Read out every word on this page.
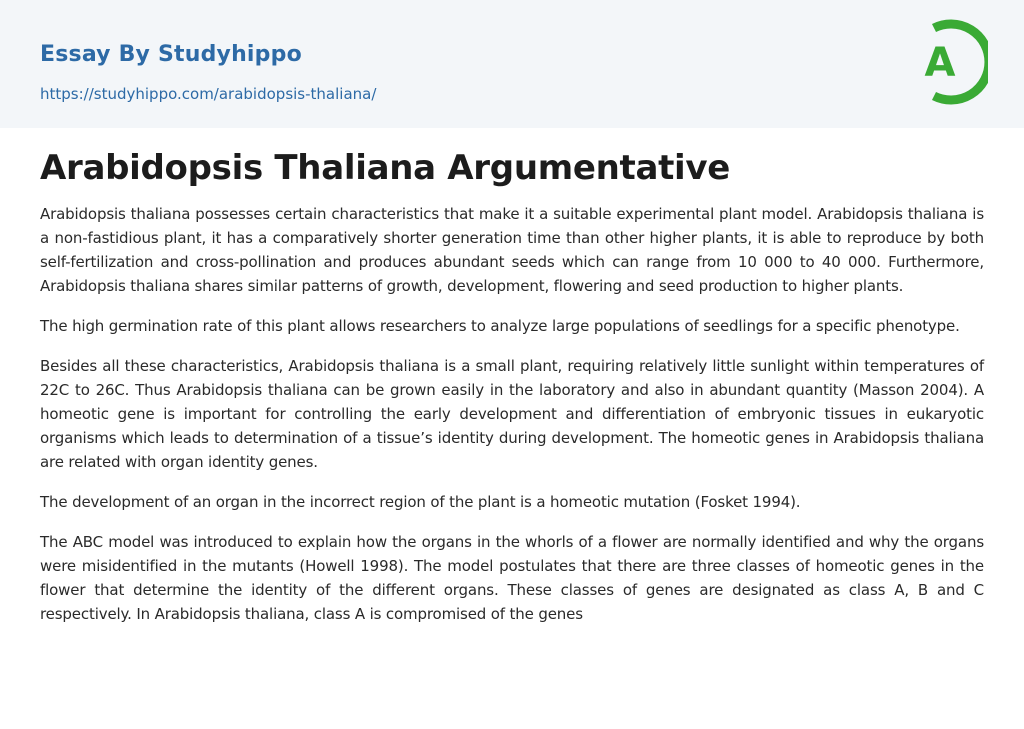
Essay By Studyhippo
https://studyhippo.com/arabidopsis-thaliana/
A
Arabidopsis Thaliana Argumentative

Arabidopsis thaliana possesses certain characteristics that make it a suitable experimental plant model. Arabidopsis thaliana is a non-fastidious plant, it has a comparatively shorter generation time than other higher plants, it is able to reproduce by both self-fertilization and cross-pollination and produces abundant seeds which can range from 10 000 to 40 000. Furthermore, Arabidopsis thaliana shares similar patterns of growth, development, flowering and seed production to higher plants.

The high germination rate of this plant allows researchers to analyze large populations of seedlings for a specific phenotype.

Besides all these characteristics, Arabidopsis thaliana is a small plant, requiring relatively little sunlight within temperatures of 22C to 26C. Thus Arabidopsis thaliana can be grown easily in the laboratory and also in abundant quantity (Masson 2004). A homeotic gene is important for controlling the early development and differentiation of embryonic tissues in eukaryotic organisms which leads to determination of a tissue’s identity during development. The homeotic genes in Arabidopsis thaliana are related with organ identity genes.

The development of an organ in the incorrect region of the plant is a homeotic mutation (Fosket 1994).

The ABC model was introduced to explain how the organs in the whorls of a flower are normally identified and why the organs were misidentified in the mutants (Howell 1998). The model postulates that there are three classes of homeotic genes in the flower that determine the identity of the different organs. These classes of genes are designated as class A, B and C respectively. In Arabidopsis thaliana, class A is compromised of the genes
